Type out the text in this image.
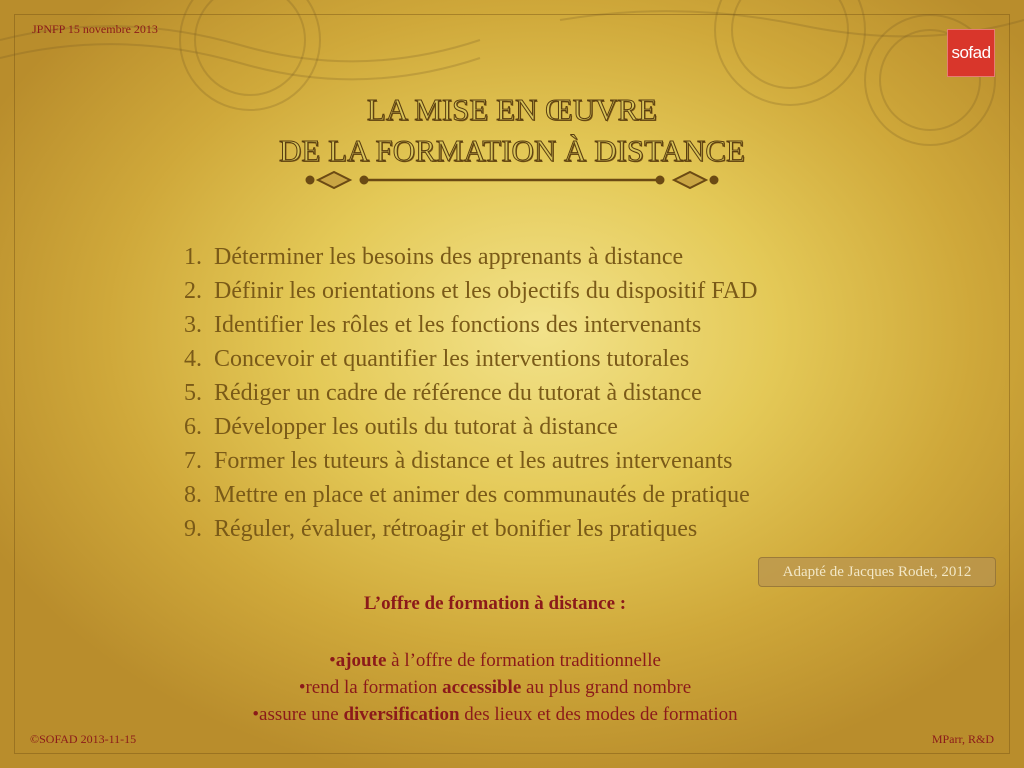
JPNFP 15 novembre 2013
sofad
LA MISE EN ŒUVRE
DE LA FORMATION À DISTANCE
1.
Déterminer les besoins des apprenants à distance
2.
Définir les orientations et les objectifs du dispositif FAD
3.
Identifier les rôles et les fonctions des intervenants
4.
Concevoir et quantifier les interventions tutorales
5.
Rédiger un cadre de référence du tutorat à distance
6.
Développer les outils du tutorat à distance
7.
Former les tuteurs à distance et les autres intervenants
8.
Mettre en place et animer des communautés de pratique
9.
Réguler, évaluer, rétroagir et bonifier les pratiques
Adapté de Jacques Rodet, 2012
L’offre de formation à distance :
•ajoute à l’offre de formation traditionnelle
•rend la formation accessible au plus grand nombre
•assure une diversification des lieux et des modes de formation
©SOFAD 2013-11-15	MParr, R&D
